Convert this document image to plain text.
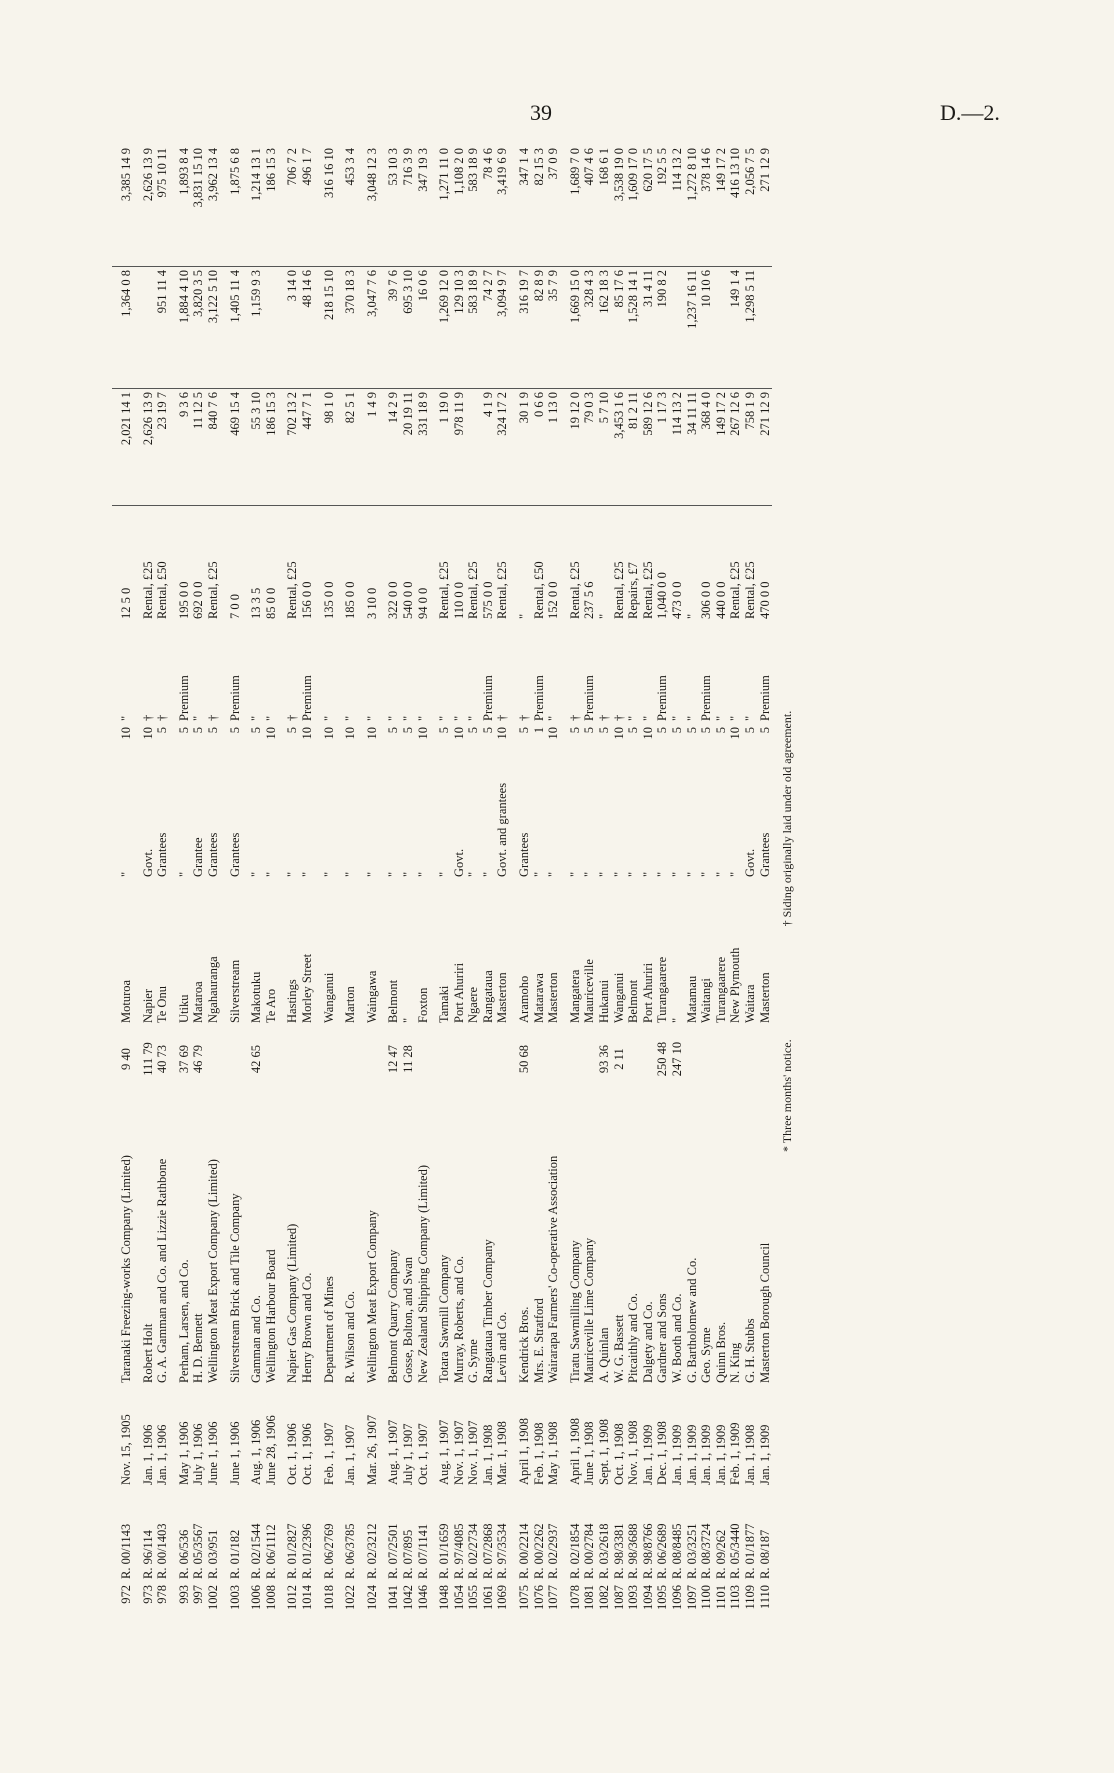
39	D.—2.
972	R. 00/1143	Nov. 15, 1905	Taranaki Freezing-works Company (Limited)	9 40	Moturoa	"	10	"	12 5 0	2,021 14 1	1,364 0 8	3,385 14 9
973	R. 96/114	Jan. 1, 1906	Robert Holt	111 79	Napier	Govt.	10	†	Rental, £25	2,626 13 9		2,626 13 9
978	R. 00/1403	Jan. 1, 1906	G. A. Gamman and Co. and Lizzie Rathbone	40 73	Te Onu	Grantees	5	†	Rental, £50	23 19 7	951 11 4	975 10 11
993	R. 06/536	May 1, 1906	Perham, Larsen, and Co.	37 69	Utiku	"	5	Premium	195 0 0	9 3 6	1,884 4 10	1,893 8 4
997	R. 05/3567	July 1, 1906	H. D. Bennett	46 79	Mataroa	Grantee	5	"	692 0 0	11 12 5	3,820 3 5	3,831 15 10
1002	R. 03/951	June 1, 1906	Wellington Meat Export Company (Limited)		Ngahauranga	Grantees	5	†	Rental, £25	840 7 6	3,122 5 10	3,962 13 4
1003	R. 01/182	June 1, 1906	Silverstream Brick and Tile Company		Silverstream	Grantees	5	Premium	7 0 0	469 15 4	1,405 11 4	1,875 6 8
1006	R. 02/1544	Aug. 1, 1906	Gamman and Co.	42 65	Makotuku	"	5	"	13 3 5	55 3 10	1,159 9 3	1,214 13 1
1008	R. 06/1112	June 28, 1906	Wellington Harbour Board		Te Aro	"	10	"	85 0 0	186 15 3		186 15 3
1012	R. 01/2827	Oct. 1, 1906	Napier Gas Company (Limited)		Hastings	"	5	†	Rental, £25	702 13 2	3 14 0	706 7 2
1014	R. 01/2396	Oct. 1, 1906	Henry Brown and Co.		Morley Street	"	10	Premium	156 0 0	447 7 1	48 14 6	496 1 7
1018	R. 06/2769	Feb. 1, 1907	Department of Mines		Wanganui	"	10	"	135 0 0	98 1 0	218 15 10	316 16 10
1022	R. 06/3785	Jan. 1, 1907	R. Wilson and Co.		Marton	"	10	"	185 0 0	82 5 1	370 18 3	453 3 4
1024	R. 02/3212	Mar. 26, 1907	Wellington Meat Export Company		Waingawa	"	10	"	3 10 0	1 4 9	3,047 7 6	3,048 12 3
1041	R. 07/2501	Aug. 1, 1907	Belmont Quarry Company	12 47	Belmont	"	5	"	322 0 0	14 2 9	39 7 6	53 10 3
1042	R. 07/895	July 1, 1907	Gosse, Bolton, and Swan	11 28	"	"	5	"	540 0 0	20 19 11	695 3 10	716 3 9
1046	R. 07/1141	Oct. 1, 1907	New Zealand Shipping Company (Limited)		Foxton	"	10	"	94 0 0	331 18 9	16 0 6	347 19 3
1048	R. 01/1659	Aug. 1, 1907	Totara Sawmill Company		Tamaki	"	5	"	Rental, £25	1 19 0	1,269 12 0	1,271 11 0
1054	R. 97/4085	Nov. 1, 1907	Murray, Roberts, and Co.		Port Ahuriri	Govt.	10	"	110 0 0	978 11 9	129 10 3	1,108 2 0
1055	R. 02/2734	Nov. 1, 1907	G. Syme		Ngaere	"	5	"	Rental, £25		583 18 9	583 18 9
1061	R. 07/2868	Jan. 1, 1908	Rangataua Timber Company		Rangataua	"	5	Premium	575 0 0	4 1 9	74 2 7	78 4 6
1069	R. 97/3534	Mar. 1, 1908	Levin and Co.		Masterton	Govt. and grantees	10	†	Rental, £25	324 17 2	3,094 9 7	3,419 6 9
1075	R. 00/2214	April 1, 1908	Kendrick Bros.	50 68	Aramoho	Grantees	5	†	"	30 1 9	316 19 7	347 1 4
1076	R. 00/2262	Feb. 1, 1908	Mrs. E. Stratford		Matarawa	"	1	Premium	Rental, £50	0 6 6	82 8 9	82 15 3
1077	R. 02/2937	May 1, 1908	Wairarapa Farmers' Co-operative Association		Masterton	"	10	"	152 0 0	1 13 0	35 7 9	37 0 9
1078	R. 02/1854	April 1, 1908	Tiratu Sawmilling Company		Mangatera	"	5	†	Rental, £25	19 12 0	1,669 15 0	1,689 7 0
1081	R. 00/2784	June 1, 1908	Mauriceville Lime Company		Mauriceville	"	5	Premium	237 5 6	79 0 3	328 4 3	407 4 6
1082	R. 03/2618	Sept. 1, 1908	A. Quinlan	93 36	Hukanui	"	5	†	"	5 7 10	162 18 3	168 6 1
1087	R. 98/3381	Oct. 1, 1908	W. G. Bassett	2 11	Wanganui	"	10	†	Rental, £25	3,453 1 6	85 17 6	3,538 19 0
1093	R. 98/3688	Nov. 1, 1908	Pitcaithly and Co.		Belmont	"	5	"	Repairs, £7	81 2 11	1,528 14 1	1,609 17 0
1094	R. 98/8766	Jan. 1, 1909	Dalgety and Co.		Port Ahuriri	"	10	"	Rental, £25	589 12 6	31 4 11	620 17 5
1095	R. 06/2689	Dec. 1, 1908	Gardner and Sons	250 48	Turangaarere	"	5	Premium	1,040 0 0	1 17 3	190 8 2	192 5 5
1096	R. 08/8485	Jan. 1, 1909	W. Booth and Co.	247 10	"	"	5	"	473 0 0	114 13 2		114 13 2
1097	R. 03/3251	Jan. 1, 1909	G. Bartholomew and Co.		Matamau	"	5	"	"	34 11 11	1,237 16 11	1,272 8 10
1100	R. 08/3724	Jan. 1, 1909	Geo. Syme		Waitangi	"	5	Premium	306 0 0	368 4 0	10 10 6	378 14 6
1101	R. 09/262	Jan. 1, 1909	Quinn Bros.		Turangaarere	"	5	"	440 0 0	149 17 2		149 17 2
1103	R. 05/3440	Feb. 1, 1909	N. King		New Plymouth	"	10	"	Rental, £25	267 12 6	149 1 4	416 13 10
1109	R. 01/1877	Jan. 1, 1908	G. H. Stubbs		Waitara	Govt.	5	"	Rental, £25	758 1 9	1,298 5 11	2,056 7 5
1110	R. 08/187	Jan. 1, 1909	Masterton Borough Council		Masterton	Grantees	5	Premium	470 0 0	271 12 9		271 12 9
* Three months' notice. † Siding originally laid under old agreement.
